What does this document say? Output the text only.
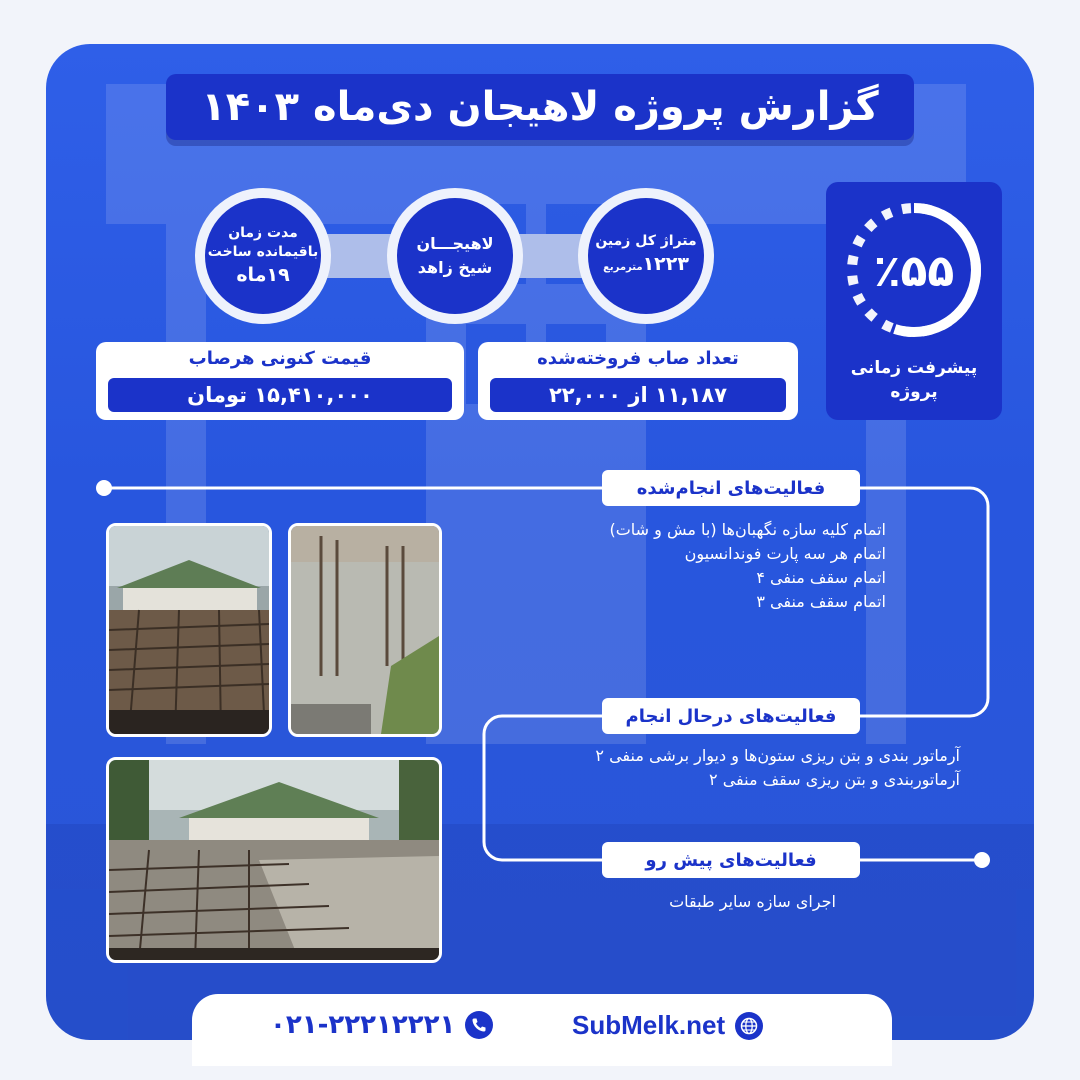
گزارش پروژه لاهیجان دی‌ماه ۱۴۰۳
٪۵۵
پیشرفت زمانی
پروژه
متراژ کل زمین
۱۲۲۳مترمربع
لاهیجـــان
شیخ زاهد
مدت زمان
باقیمانده ساخت
۱۹ماه
تعداد صاب فروخته‌شده
۱۱,۱۸۷ از ۲۲,۰۰۰
قیمت کنونی هرصاب
۱۵,۴۱۰,۰۰۰ تومان
فعالیت‌های انجام‌شده
اتمام کلیه سازه نگهبان‌ها (با مش و شات)
اتمام هر سه پارت فوندانسیون
اتمام سقف منفی ۴
اتمام سقف منفی ۳
فعالیت‌های درحال انجام
آرماتور بندی و بتن ریزی ستون‌ها و دیوار برشی منفی ۲
آرماتوربندی و بتن ریزی سقف منفی ۲
فعالیت‌های پیش رو
اجرای سازه سایر طبقات
۰۲۱-۲۲۲۱۲۲۲۱	SubMelk.net
